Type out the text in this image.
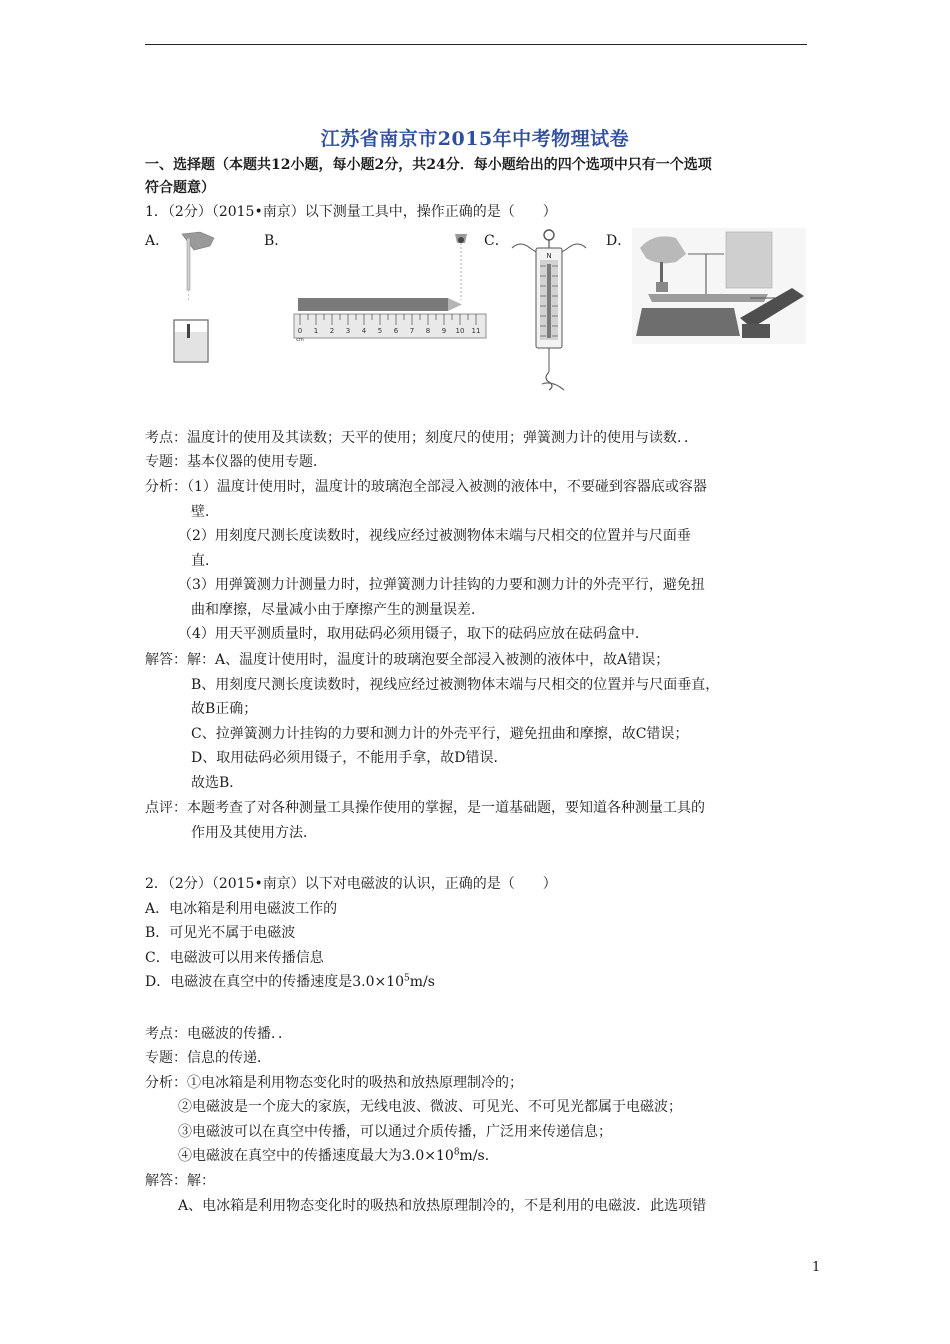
江苏省南京市2015年中考物理试卷
一、选择题（本题共12小题，每小题2分，共24分．每小题给出的四个选项中只有一个选项
符合题意）
1．（2分）（2015•南京）以下测量工具中，操作正确的是（　　）
A．	B．	C．	D．
0 1 2 3 4 5 6 7 8 9 10 11
cm
N
考点：温度计的使用及其读数；天平的使用；刻度尺的使用；弹簧测力计的使用与读数．．
专题：基本仪器的使用专题．
分析：（1）温度计使用时，温度计的玻璃泡全部浸入被测的液体中，不要碰到容器底或容器
壁．
（2）用刻度尺测长度读数时，视线应经过被测物体末端与尺相交的位置并与尺面垂
直．
（3）用弹簧测力计测量力时，拉弹簧测力计挂钩的力要和测力计的外壳平行，避免扭
曲和摩擦，尽量减小由于摩擦产生的测量误差．
（4）用天平测质量时，取用砝码必须用镊子，取下的砝码应放在砝码盒中．
解答：解：A、温度计使用时，温度计的玻璃泡要全部浸入被测的液体中，故A错误；
B、用刻度尺测长度读数时，视线应经过被测物体末端与尺相交的位置并与尺面垂直，
故B正确；
C、拉弹簧测力计挂钩的力要和测力计的外壳平行，避免扭曲和摩擦，故C错误；
D、取用砝码必须用镊子，不能用手拿，故D错误．
故选B．
点评：本题考查了对各种测量工具操作使用的掌握，是一道基础题，要知道各种测量工具的
作用及其使用方法．
2．（2分）（2015•南京）以下对电磁波的认识，正确的是（　　）
A．电冰箱是利用电磁波工作的
B．可见光不属于电磁波
C．电磁波可以用来传播信息
D．电磁波在真空中的传播速度是$3.0\times 10^5m/s$
考点：电磁波的传播．．
专题：信息的传递．
分析：①电冰箱是利用物态变化时的吸热和放热原理制冷的；
②电磁波是一个庞大的家族，无线电波、微波、可见光、不可见光都属于电磁波；
③电磁波可以在真空中传播，可以通过介质传播，广泛用来传递信息；
④电磁波在真空中的传播速度最大为$3.0\times 10^8m/s$．
解答：解：
A、电冰箱是利用物态变化时的吸热和放热原理制冷的，不是利用的电磁波．此选项错
1
